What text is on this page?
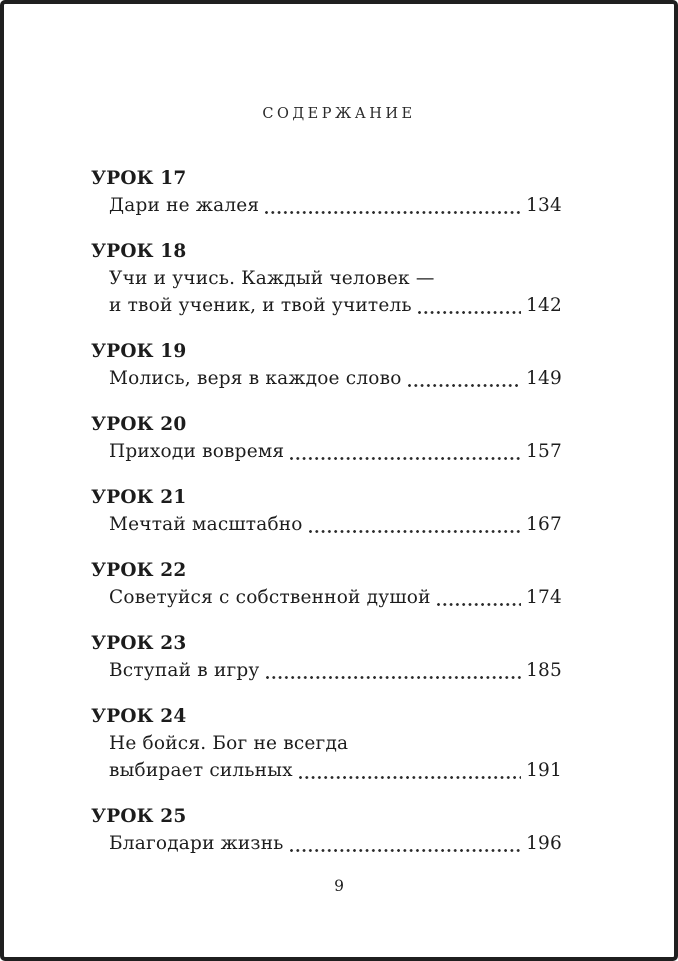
СОДЕРЖАНИЕ
УРОК 17
Дари не жалея	134
УРОК 18
Учи и учись. Каждый человек —
и твой ученик, и твой учитель	142
УРОК 19
Молись, веря в каждое слово	149
УРОК 20
Приходи вовремя	157
УРОК 21
Мечтай масштабно	167
УРОК 22
Советуйся с собственной душой	174
УРОК 23
Вступай в игру	185
УРОК 24
Не бойся. Бог не всегда
выбирает сильных	191
УРОК 25
Благодари жизнь	196
9
